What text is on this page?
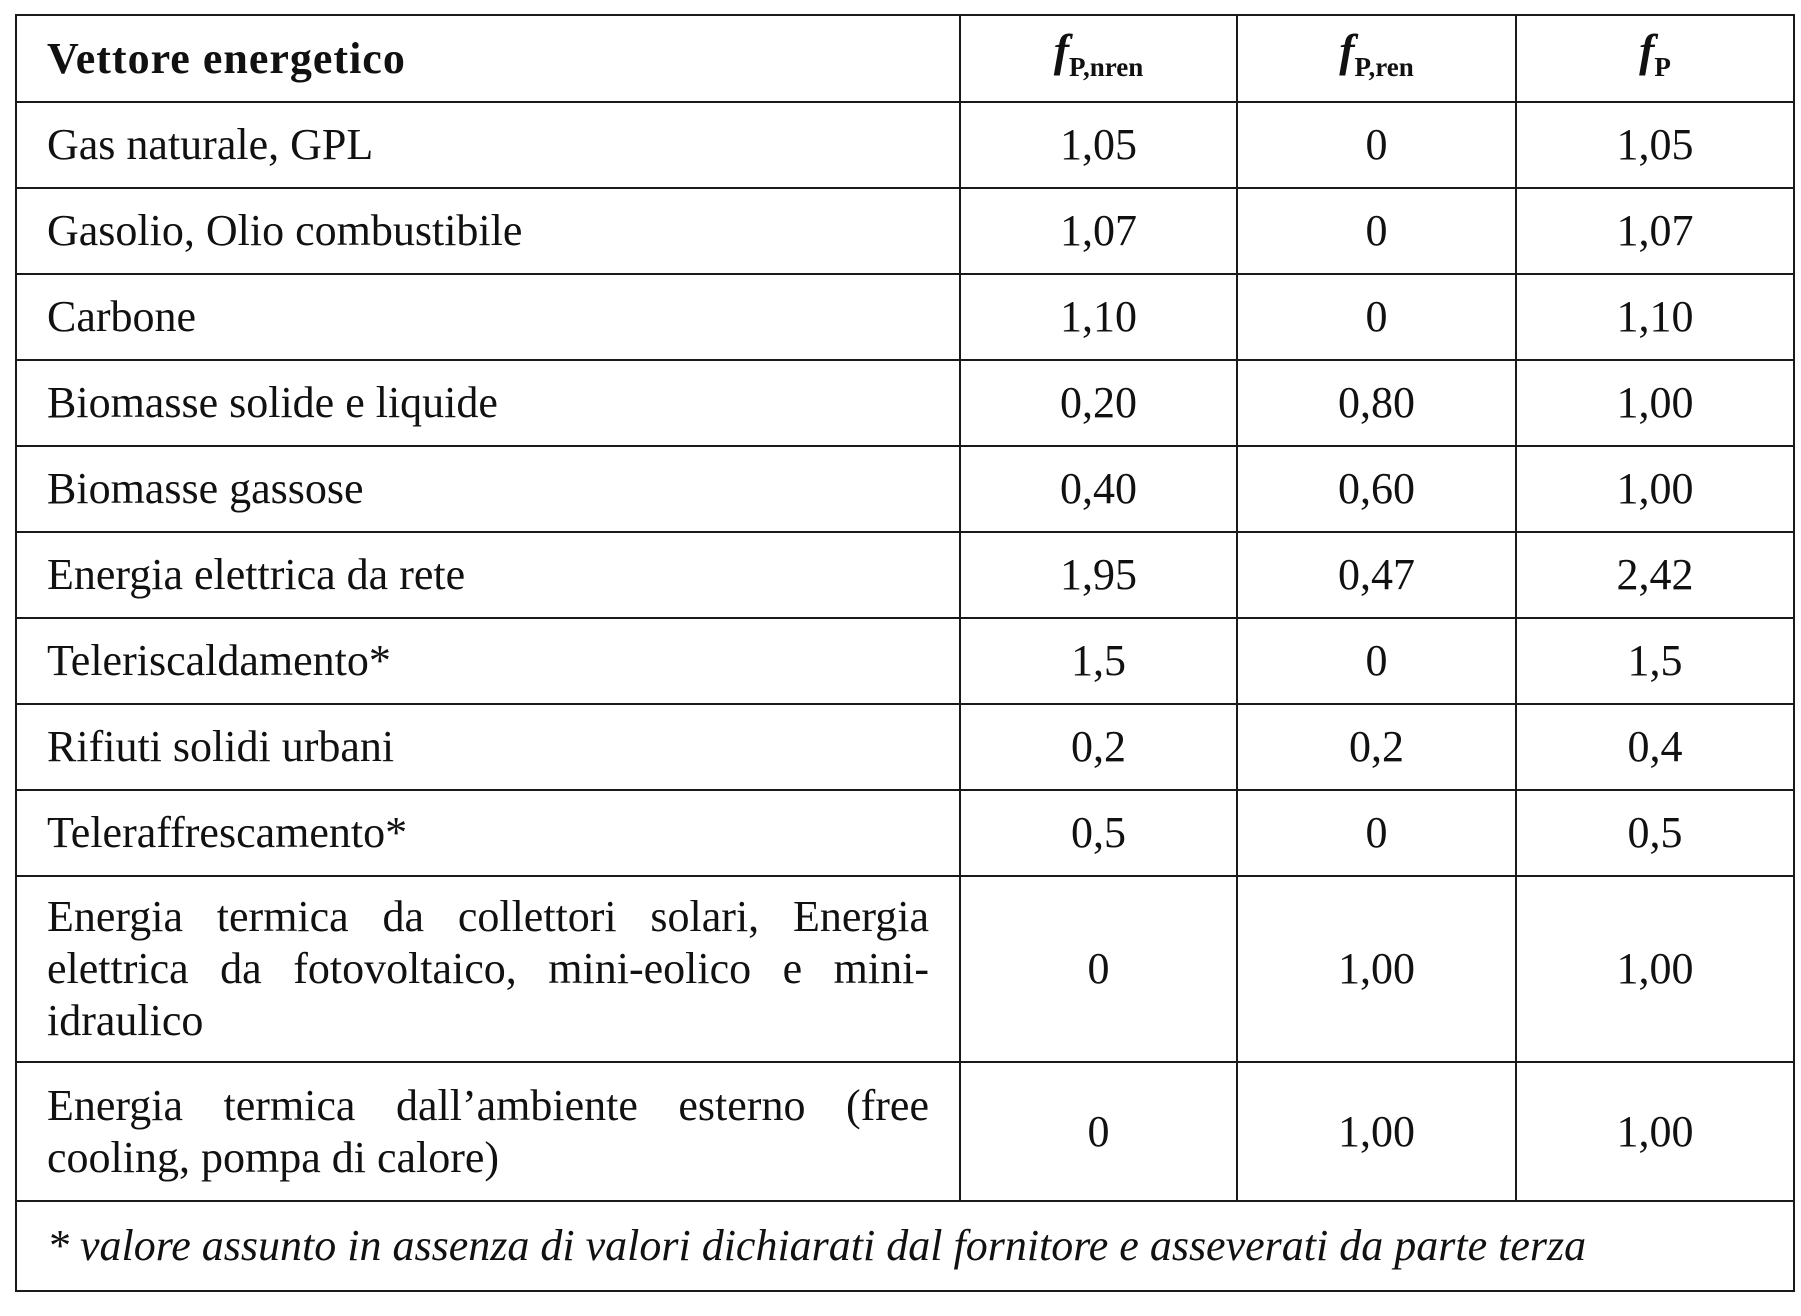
Vettore energetico	$f_{P,nren}$	$f_{P,ren}$	$f_P$
Gas naturale, GPL	1,05	0	1,05
Gasolio, Olio combustibile	1,07	0	1,07
Carbone	1,10	0	1,10
Biomasse solide e liquide	0,20	0,80	1,00
Biomasse gassose	0,40	0,60	1,00
Energia elettrica da rete	1,95	0,47	2,42
Teleriscaldamento*	1,5	0	1,5
Rifiuti solidi urbani	0,2	0,2	0,4
Teleraffrescamento*	0,5	0	0,5
Energia termica da collettori solari, Energia elettrica da fotovoltaico, mini-eolico e mini-idraulico	0	1,00	1,00
Energia termica dall’ambiente esterno (free cooling, pompa di calore)	0	1,00	1,00
* valore assunto in assenza di valori dichiarati dal fornitore e asseverati da parte terza			
